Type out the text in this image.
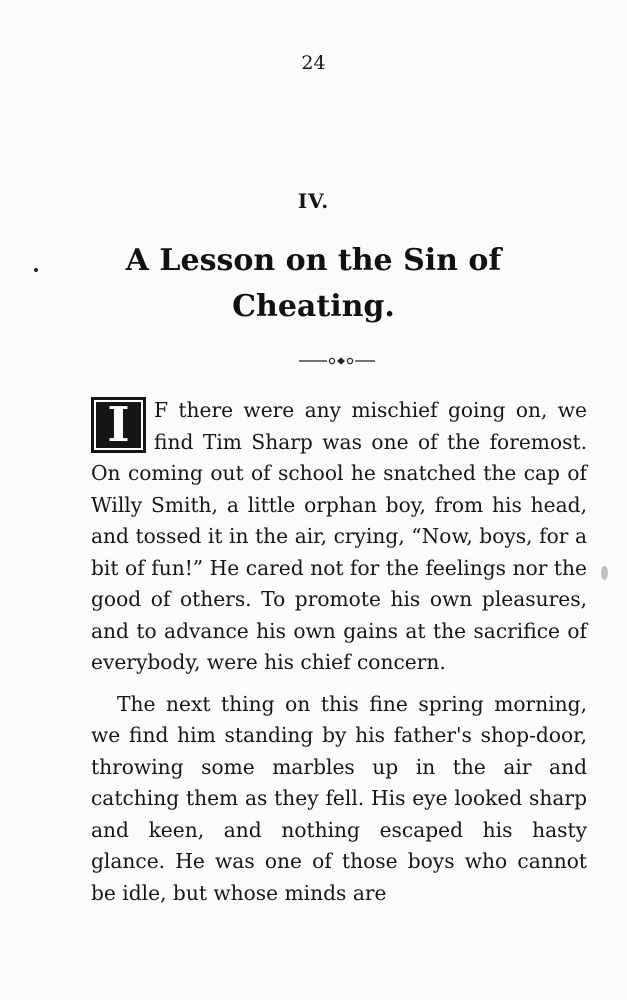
24
IV.
A Lesson on the Sin of
Cheating.

I	F there were any mischief going on, we find Tim Sharp was one of the foremost. On coming out of school he snatched the cap of Willy Smith, a little orphan boy, from his head, and tossed it in the air, crying, “Now, boys, for a bit of fun!” He cared not for the feelings nor the good of others. To promote his own pleasures, and to advance his own gains at the sacrifice of everybody, were his chief concern.

The next thing on this fine spring morning, we find him standing by his father's shop-door, throwing some marbles up in the air and catching them as they fell. His eye looked sharp and keen, and nothing escaped his hasty glance. He was one of those boys who cannot be idle, but whose minds are
